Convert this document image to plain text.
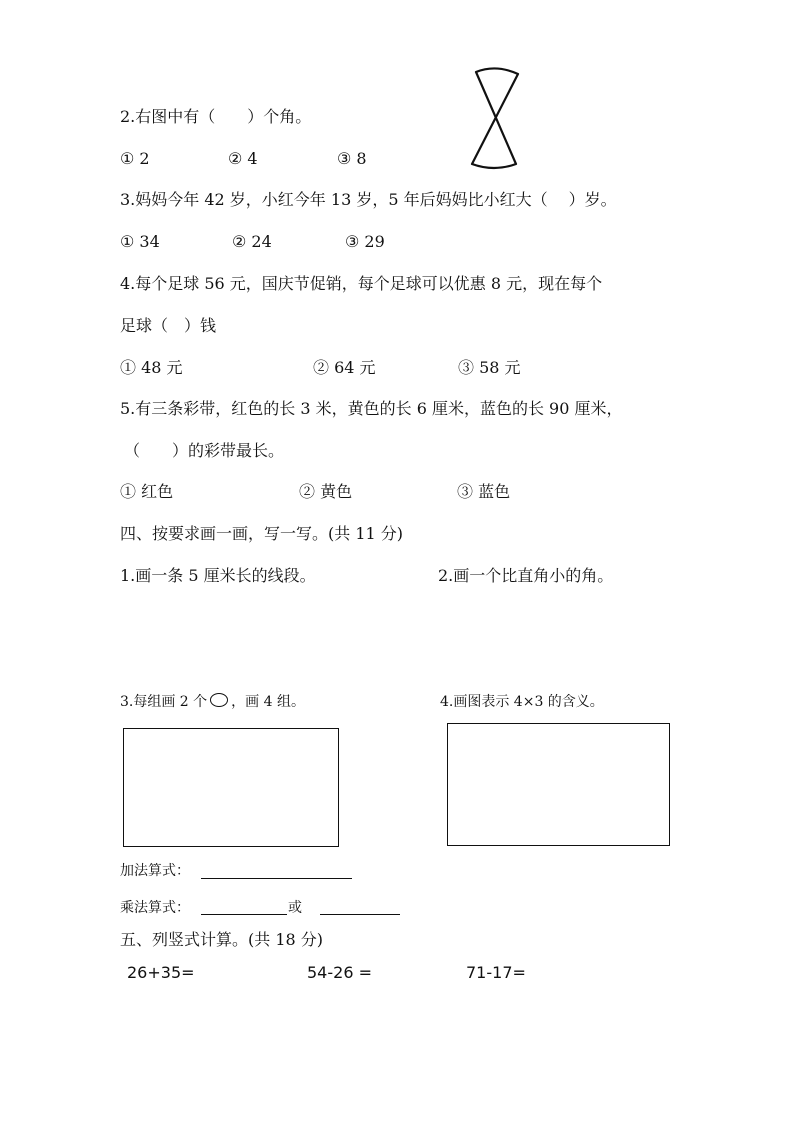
2.右图中有（　　）个角。
① 2	② 4	③ 8
3.妈妈今年 42 岁，小红今年 13 岁，5 年后妈妈比小红大（　 ）岁。
① 34	② 24	③ 29
4.每个足球 56 元，国庆节促销，每个足球可以优惠 8 元，现在每个
足球（　）钱
① 48 元	② 64 元	③ 58 元
5.有三条彩带，红色的长 3 米，黄色的长 6 厘米，蓝色的长 90 厘米，
（　　）的彩带最长。
① 红色	② 黄色	③ 蓝色
四、按要求画一画，写一写。(共 11 分)
1.画一条 5 厘米长的线段。	2.画一个比直角小的角。
3.每组画 2 个 ，画 4 组。	4.画图表示 4×3 的含义。
加法算式：
乘法算式：	或
五、列竖式计算。(共 18 分)
26+35=	54-26 =	71-17=
